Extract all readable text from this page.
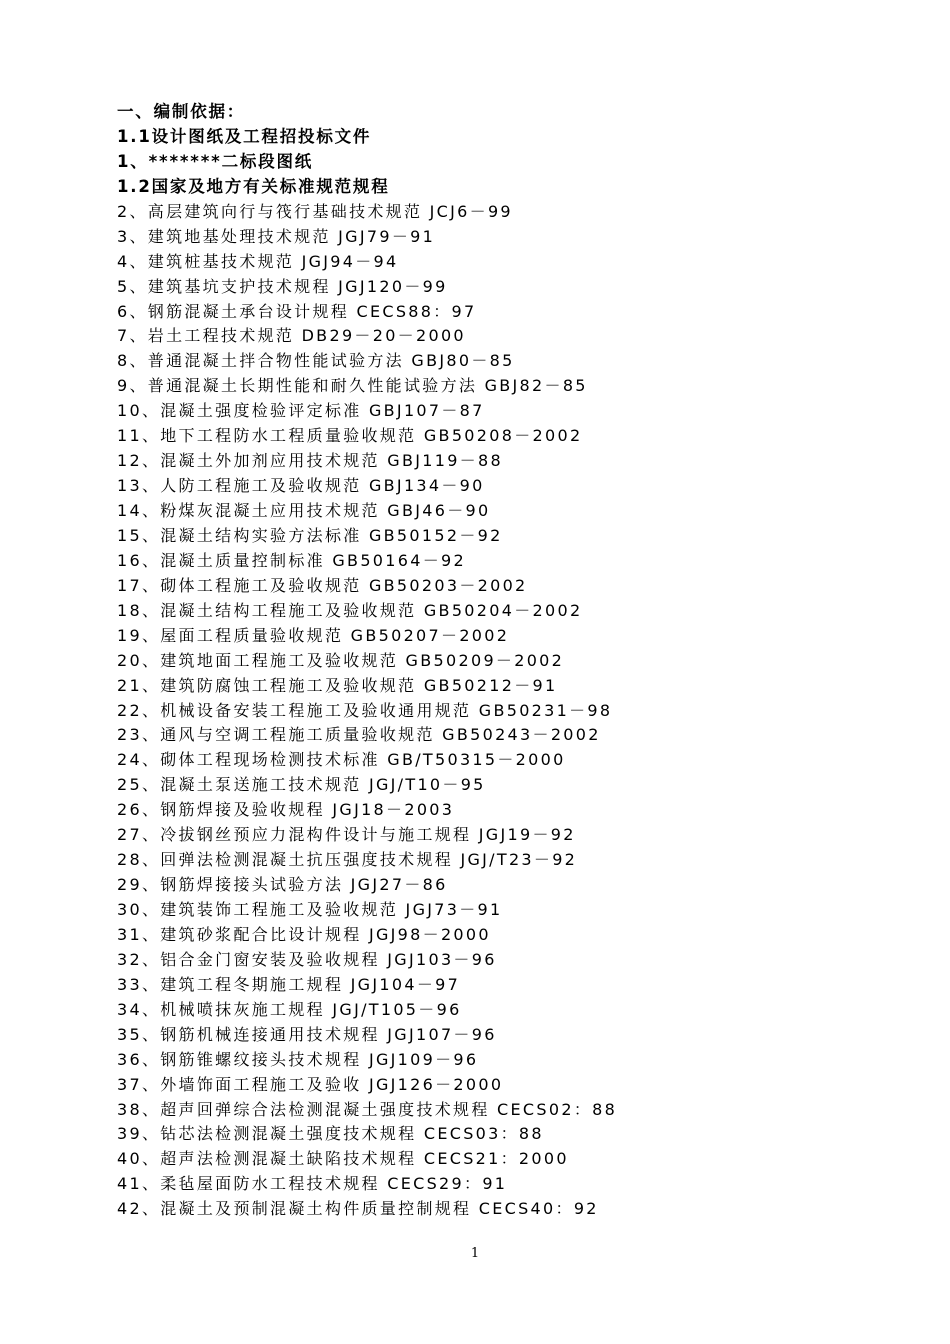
一、编制依据：
1.1设计图纸及工程招投标文件
1、*******二标段图纸
1.2国家及地方有关标准规范规程
2、高层建筑向行与筏行基础技术规范 JCJ6－99
3、建筑地基处理技术规范 JGJ79－91
4、建筑桩基技术规范 JGJ94－94
5、建筑基坑支护技术规程 JGJ120－99
6、钢筋混凝土承台设计规程 CECS88：97
7、岩土工程技术规范 DB29－20－2000
8、普通混凝土拌合物性能试验方法 GBJ80－85
9、普通混凝土长期性能和耐久性能试验方法 GBJ82－85
10、混凝土强度检验评定标准 GBJ107－87
11、地下工程防水工程质量验收规范 GB50208－2002
12、混凝土外加剂应用技术规范 GBJ119－88
13、人防工程施工及验收规范 GBJ134－90
14、粉煤灰混凝土应用技术规范 GBJ46－90
15、混凝土结构实验方法标准 GB50152－92
16、混凝土质量控制标准 GB50164－92
17、砌体工程施工及验收规范 GB50203－2002
18、混凝土结构工程施工及验收规范 GB50204－2002
19、屋面工程质量验收规范 GB50207－2002
20、建筑地面工程施工及验收规范 GB50209－2002
21、建筑防腐蚀工程施工及验收规范 GB50212－91
22、机械设备安装工程施工及验收通用规范 GB50231－98
23、通风与空调工程施工质量验收规范 GB50243－2002
24、砌体工程现场检测技术标准 GB/T50315－2000
25、混凝土泵送施工技术规范 JGJ/T10－95
26、钢筋焊接及验收规程 JGJ18－2003
27、冷拔钢丝预应力混构件设计与施工规程 JGJ19－92
28、回弹法检测混凝土抗压强度技术规程 JGJ/T23－92
29、钢筋焊接接头试验方法 JGJ27－86
30、建筑装饰工程施工及验收规范 JGJ73－91
31、建筑砂浆配合比设计规程 JGJ98－2000
32、铝合金门窗安装及验收规程 JGJ103－96
33、建筑工程冬期施工规程 JGJ104－97
34、机械喷抹灰施工规程 JGJ/T105－96
35、钢筋机械连接通用技术规程 JGJ107－96
36、钢筋锥螺纹接头技术规程 JGJ109－96
37、外墙饰面工程施工及验收 JGJ126－2000
38、超声回弹综合法检测混凝土强度技术规程 CECS02：88
39、钻芯法检测混凝土强度技术规程 CECS03：88
40、超声法检测混凝土缺陷技术规程 CECS21：2000
41、柔毡屋面防水工程技术规程 CECS29：91
42、混凝土及预制混凝土构件质量控制规程 CECS40：92
1
